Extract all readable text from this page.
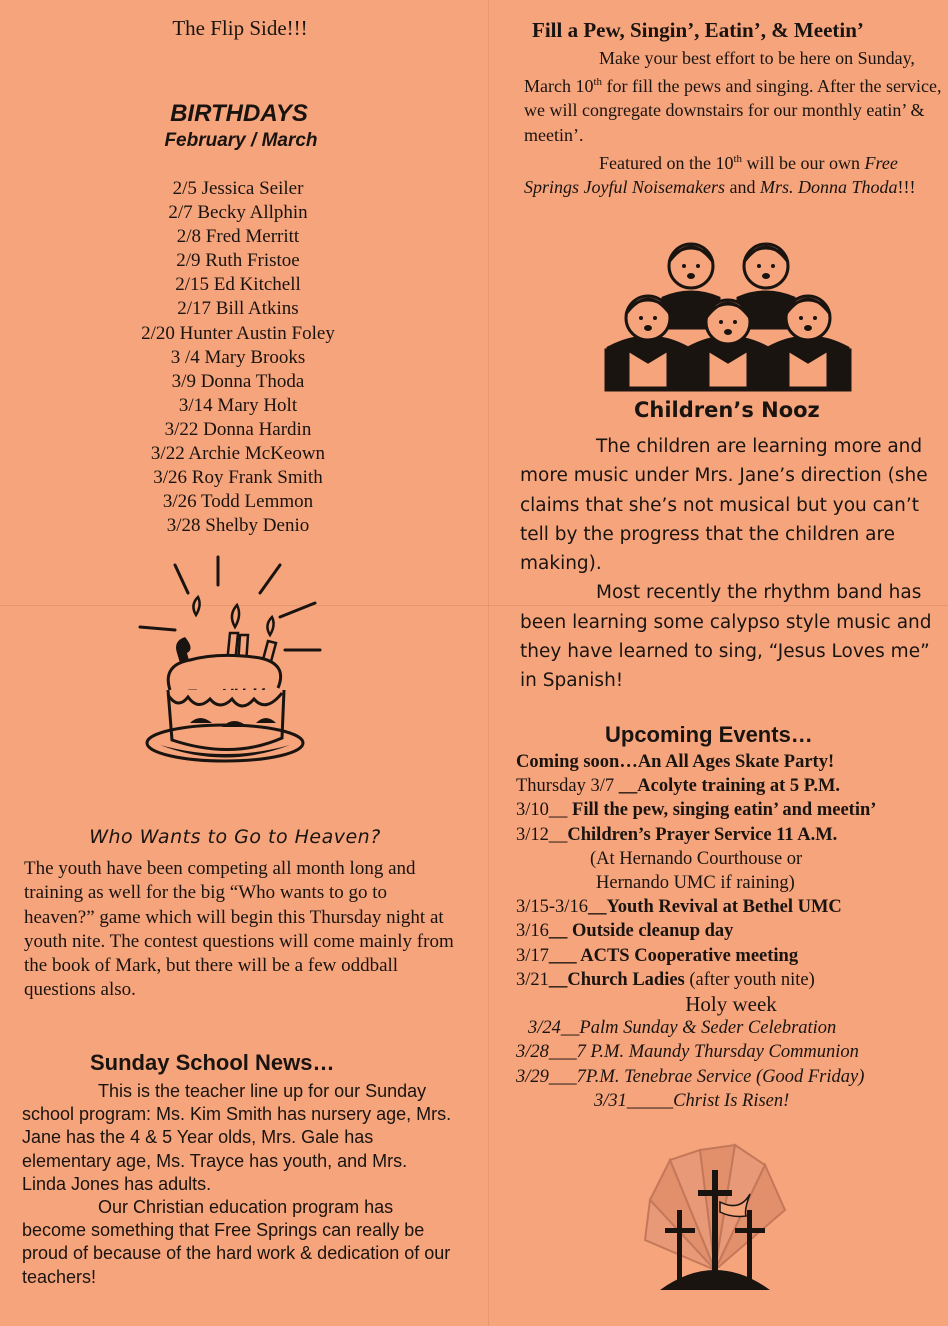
The Flip Side!!!
BIRTHDAYS
February / March
2/5 Jessica Seiler
2/7 Becky Allphin
2/8 Fred Merritt
2/9 Ruth Fristoe
2/15 Ed Kitchell
2/17 Bill Atkins
2/20 Hunter Austin Foley
3 /4 Mary Brooks
3/9 Donna Thoda
3/14 Mary Holt
3/22 Donna Hardin
3/22 Archie McKeown
3/26 Roy Frank Smith
3/26 Todd Lemmon
3/28 Shelby Denio
Who Wants to Go to Heaven?
The youth have been competing all month long and training as well for the big “Who wants to go to heaven?” game which will begin this Thursday night at youth nite. The contest questions will come mainly from the book of Mark, but there will be a few oddball questions also.
Sunday School News…

This is the teacher line up for our Sunday school program: Ms. Kim Smith has nursery age, Mrs. Jane has the 4 & 5 Year olds, Mrs. Gale has elementary age, Ms. Trayce has youth, and Mrs. Linda Jones has adults.

Our Christian education program has become something that Free Springs can really be proud of because of the hard work & dedication of our teachers!

Fill a Pew, Singin’, Eatin’, & Meetin’

Make your best effort to be here on Sunday, March 10th for fill the pews and singing. After the service, we will congregate downstairs for our monthly eatin’ & meetin’.

Featured on the 10th will be our own Free Springs Joyful Noisemakers and Mrs. Donna Thoda!!!

Children’s Nooz

The children are learning more and more music under Mrs. Jane’s direction (she claims that she’s not musical but you can’t tell by the progress that the children are making).

Most recently the rhythm band has been learning some calypso style music and they have learned to sing, “Jesus Loves me” in Spanish!

Upcoming Events…
Coming soon…An All Ages Skate Party!
Thursday 3/7 __Acolyte training at 5 P.M.
3/10__ Fill the pew, singing eatin’ and meetin’
3/12__Children’s Prayer Service 11 A.M.
(At Hernando Courthouse or
Hernando UMC if raining)
3/15-3/16__Youth Revival at Bethel UMC
3/16__ Outside cleanup day
3/17___ ACTS Cooperative meeting
3/21__Church Ladies (after youth nite)
Holy week
3/24__Palm Sunday & Seder Celebration
3/28___7 P.M. Maundy Thursday Communion
3/29___7P.M. Tenebrae Service (Good Friday)
3/31_____Christ Is Risen!
